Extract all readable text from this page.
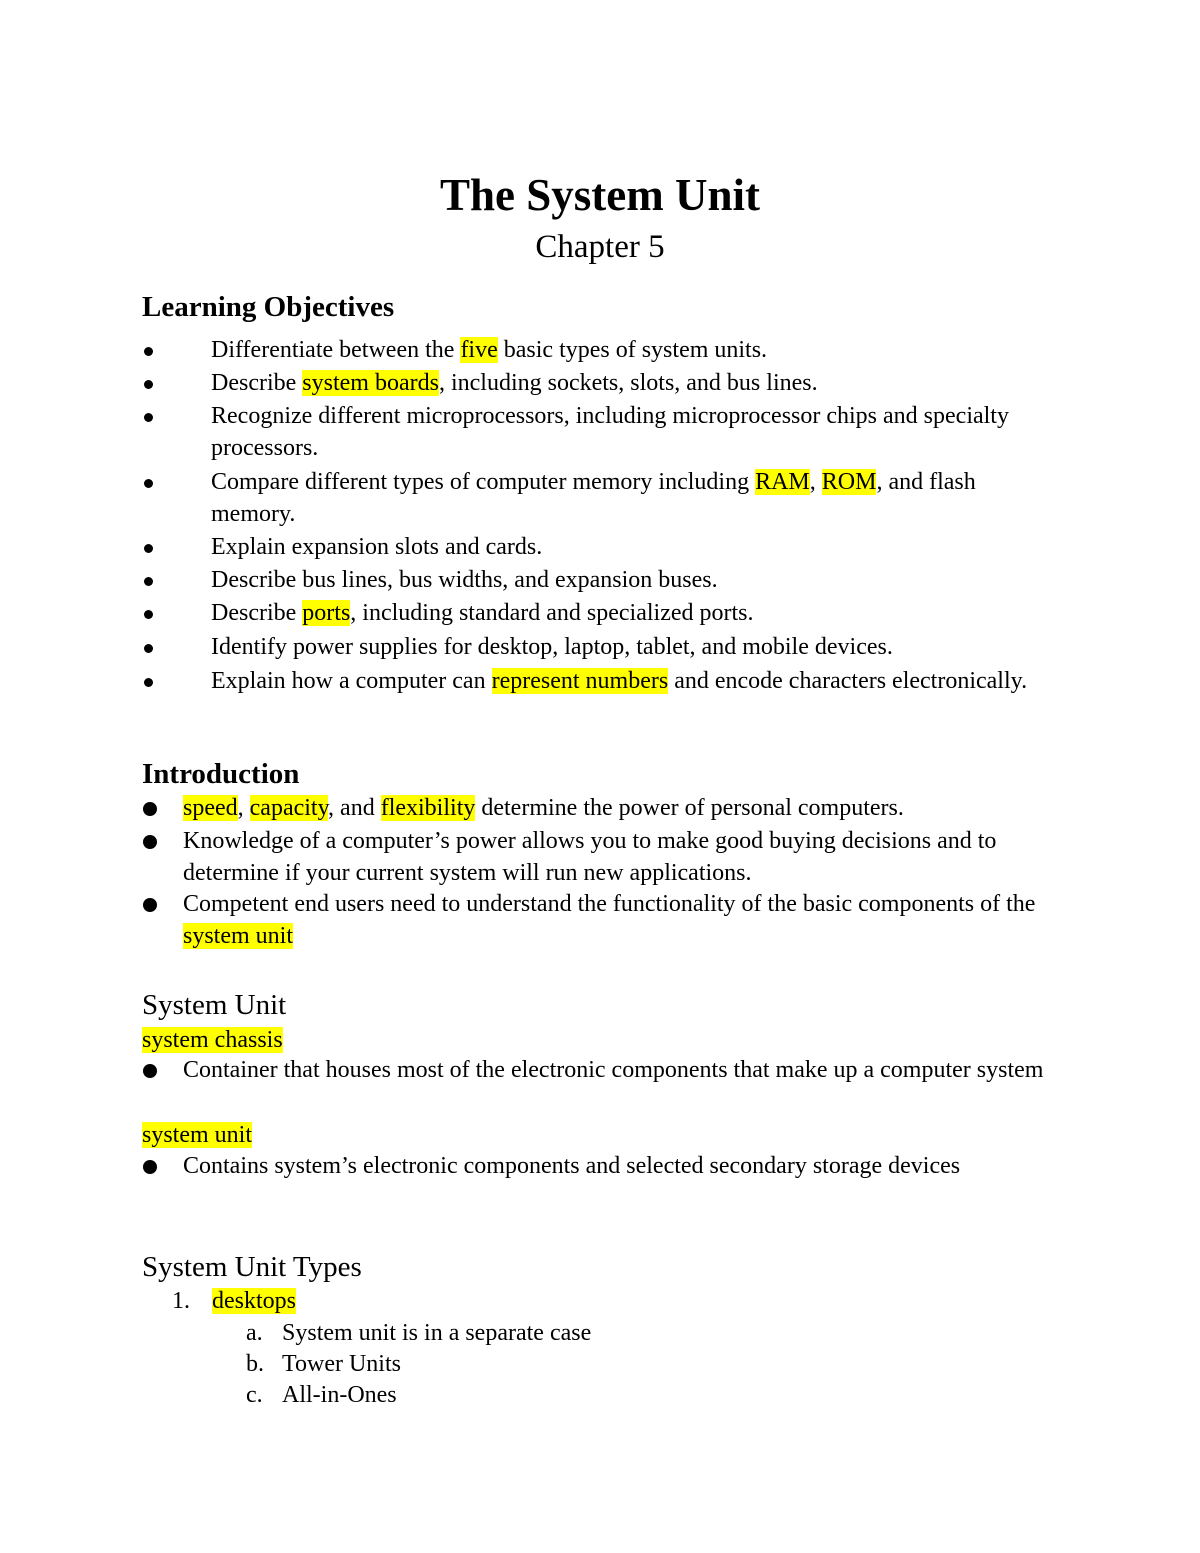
The System Unit
Chapter 5
Learning Objectives
Differentiate between the five basic types of system units.
Describe system boards, including sockets, slots, and bus lines.
Recognize different microprocessors, including microprocessor chips and specialty processors.
Compare different types of computer memory including RAM, ROM, and flash memory.
Explain expansion slots and cards.
Describe bus lines, bus widths, and expansion buses.
Describe ports, including standard and specialized ports.
Identify power supplies for desktop, laptop, tablet, and mobile devices.
Explain how a computer can represent numbers and encode characters electronically.
Introduction
speed, capacity, and flexibility determine the power of personal computers.
Knowledge of a computer’s power allows you to make good buying decisions and to determine if your current system will run new applications.
Competent end users need to understand the functionality of the basic components of the system unit
System Unit
system chassis
Container that houses most of the electronic components that make up a computer system
system unit
Contains system’s electronic components and selected secondary storage devices
System Unit Types
1. desktops
a. System unit is in a separate case
b. Tower Units
c. All-in-Ones
